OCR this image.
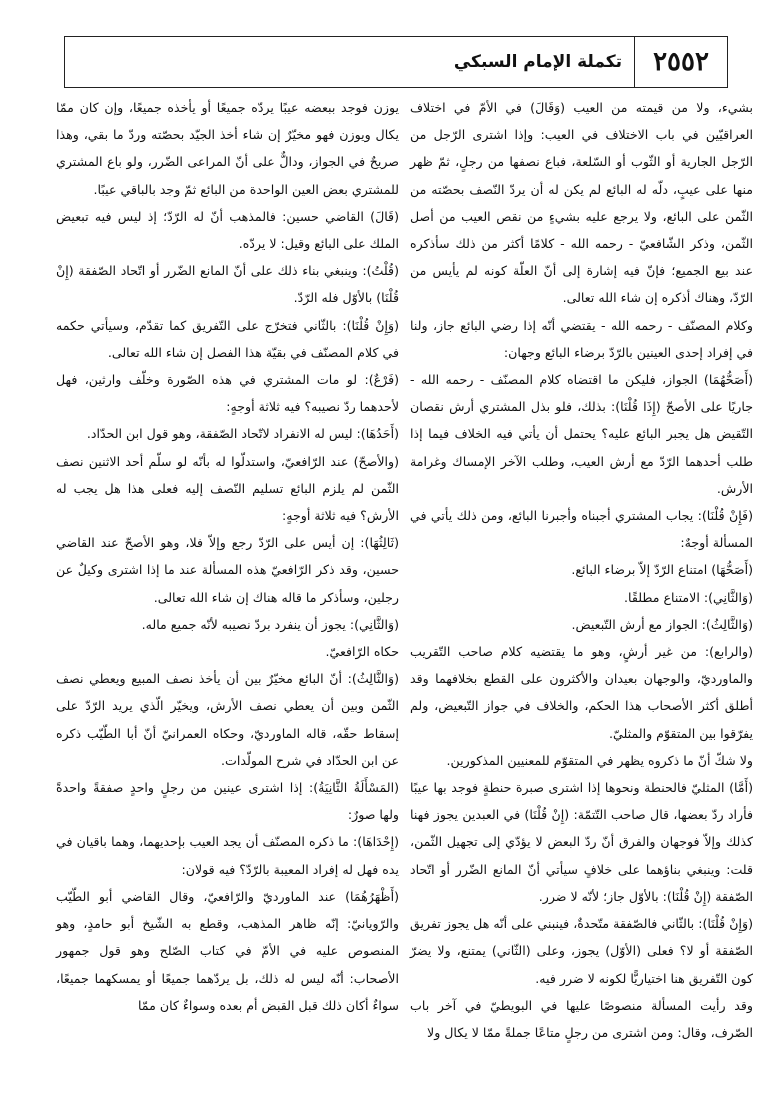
٢٥٥٢
تكملة الإمام السبكي

بشيء، ولا من قيمته من العيب (وَقَالَ) في الأمّ في اختلاف العراقيّين في باب الاختلاف في العيب: وإذا اشترى الرّجل من الرّجل الجارية أو الثّوب أو السّلعة، فباع نصفها من رجلٍ، ثمّ ظهر منها على عيبٍ، دلّه له البائع لم يكن له أن يردّ النّصف بحصّته من الثّمن على البائع، ولا يرجع عليه بشيءٍ من نقص العيب من أصل الثّمن، وذكر الشّافعيّ - رحمه الله - كلامًا أكثر من ذلك سأذكره عند بيع الجميع؛ فإنّ فيه إشارة إلى أنّ العلّة كونه لم يأيس من الرّدّ، وهناك أذكره إن شاء الله تعالى.

وكلام المصنّف - رحمه الله - يقتضي أنّه إذا رضي البائع جاز، ولنا في إفراد إحدى العينين بالرّدّ برضاء البائع وجهان:

(أَصَحُّهُمَا) الجواز، فليكن ما اقتضاه كلام المصنّف - رحمه الله - جاريًا على الأصحّ (إِذَا قُلْنَا): بذلك، فلو بذل المشتري أرش نقصان التّقيض هل يجبر البائع عليه؟ يحتمل أن يأتي فيه الخلاف فيما إذا طلب أحدهما الرّدّ مع أرش العيب، وطلب الآخر الإمساك وغرامة الأرش.

(فَإِنْ قُلْنَا): يجاب المشتري أجبناه وأجبرنا البائع، ومن ذلك يأتي في المسألة أوجهٌ:

(أَصَحُّهَا) امتناع الرّدّ إلاّ برضاء البائع.

(وَالثَّانِي): الامتناع مطلقًا.

(وَالثَّالِثُ): الجواز مع أرش التّبعيض.

(والرابع): من غير أرشٍ، وهو ما يقتضيه كلام صاحب التّقريب والماورديّ، والوجهان بعيدان والأكثرون على القطع بخلافهما وقد أطلق أكثر الأصحاب هذا الحكم، والخلاف في جواز التّبعيض، ولم يفرّقوا بين المتقوّم والمثليّ.

ولا شكّ أنّ ما ذكروه يظهر في المتقوّم للمعنيين المذكورين.

(أَمَّا) المثليّ فالحنطة ونحوها إذا اشترى صبرة حنطةٍ فوجد بها عيبًا فأراد ردّ بعضها، قال صاحب التّتمّة: (إِنْ قُلْنَا) في العبدين يجوز فهنا كذلك وإلاّ فوجهان والفرق أنّ ردّ البعض لا يؤدّي إلى تجهيل الثّمن، قلت: وينبغي بناؤهما على خلافٍ سيأتي أنّ المانع الضّرر أو اتّحاد الصّفقة (إِنْ قُلْنَا): بالأوّل جاز؛ لأنّه لا ضرر.

(وَإِنْ قُلْنَا): بالثّاني فالصّفقة متّحدةٌ، فينبني على أنّه هل يجوز تفريق الصّفقة أو لا؟ فعلى (الأوّل) يجوز، وعلى (الثّاني) يمتنع، ولا يضرّ كون التّفريق هنا اختياريًّا لكونه لا ضرر فيه.

وقد رأيت المسألة منصوصًا عليها في البويطيّ في آخر باب الصّرف، وقال: ومن اشترى من رجلٍ متاعًا جملةً ممّا لا يكال ولا

يوزن فوجد ببعضه عيبًا يردّه جميعًا أو يأخذه جميعًا، وإن كان ممّا يكال ويوزن فهو مخيّرٌ إن شاء أخذ الجيّد بحصّته وردّ ما بقي، وهذا صريحٌ في الجواز، ودالٌّ على أنّ المراعى الضّرر، ولو باع المشتري للمشتري بعض العين الواحدة من البائع ثمّ وجد بالباقي عيبًا.

(قَالَ) القاضي حسين: فالمذهب أنّ له الرّدّ؛ إذ ليس فيه تبعيض الملك على البائع وقيل: لا يردّه.

(قُلْتُ): وينبغي بناء ذلك على أنّ المانع الضّرر أو اتّحاد الصّفقة (إِنْ قُلْنَا) بالأوّل فله الرّدّ.

(وَإِنْ قُلْنَا): بالثّاني فتخرّج على التّفريق كما تقدّم، وسيأتي حكمه في كلام المصنّف في بقيّة هذا الفصل إن شاء الله تعالى.

(فَرْعٌ): لو مات المشتري في هذه الصّورة وخلّف وارثين، فهل لأحدهما ردّ نصيبه؟ فيه ثلاثة أوجهٍ:

(أَحَدُهَا): ليس له الانفراد لاتّحاد الصّفقة، وهو قول ابن الحدّاد.

(والأصحّ) عند الرّافعيّ، واستدلّوا له بأنّه لو سلّم أحد الاثنين نصف الثّمن لم يلزم البائع تسليم النّصف إليه فعلى هذا هل يجب له الأرش؟ فيه ثلاثة أوجهٍ:

(ثَالِثُهَا): إن أيس على الرّدّ رجع وإلاّ فلا، وهو الأصحّ عند القاضي حسين، وقد ذكر الرّافعيّ هذه المسألة عند ما إذا اشترى وكيلٌ عن رجلين، وسأذكر ما قاله هناك إن شاء الله تعالى.

(وَالثَّانِي): يجوز أن ينفرد بردّ نصيبه لأنّه جميع ماله.

حكاه الرّافعيّ.

(وَالثَّالِثُ): أنّ البائع مخيّرٌ بين أن يأخذ نصف المبيع ويعطي نصف الثّمن وبين أن يعطي نصف الأرش، ويخيّر الّذي يريد الرّدّ على إسقاط حقّه، قاله الماورديّ، وحكاه العمرانيّ أنّ أبا الطّيّب ذكره عن ابن الحدّاد في شرح المولّدات.

(المَسْأَلَةُ الثَّانِيَةُ): إذا اشترى عينين من رجلٍ واحدٍ صفقةً واحدةً ولها صورٌ:

(إِحْدَاهَا): ما ذكره المصنّف أن يجد العيب بإحديهما، وهما باقيان في يده فهل له إفراد المعيبة بالرّدّ؟ فيه قولان:

(أَظْهَرُهُمَا) عند الماورديّ والرّافعيّ، وقال القاضي أبو الطّيّب والرّويانيّ: إنّه ظاهر المذهب، وقطع به الشّيخ أبو حامدٍ، وهو المنصوص عليه في الأمّ في كتاب الصّلح وهو قول جمهور الأصحاب: أنّه ليس له ذلك، بل يردّهما جميعًا أو يمسكهما جميعًا، سواءٌ أكان ذلك قبل القبض أم بعده وسواءٌ كان ممّا
